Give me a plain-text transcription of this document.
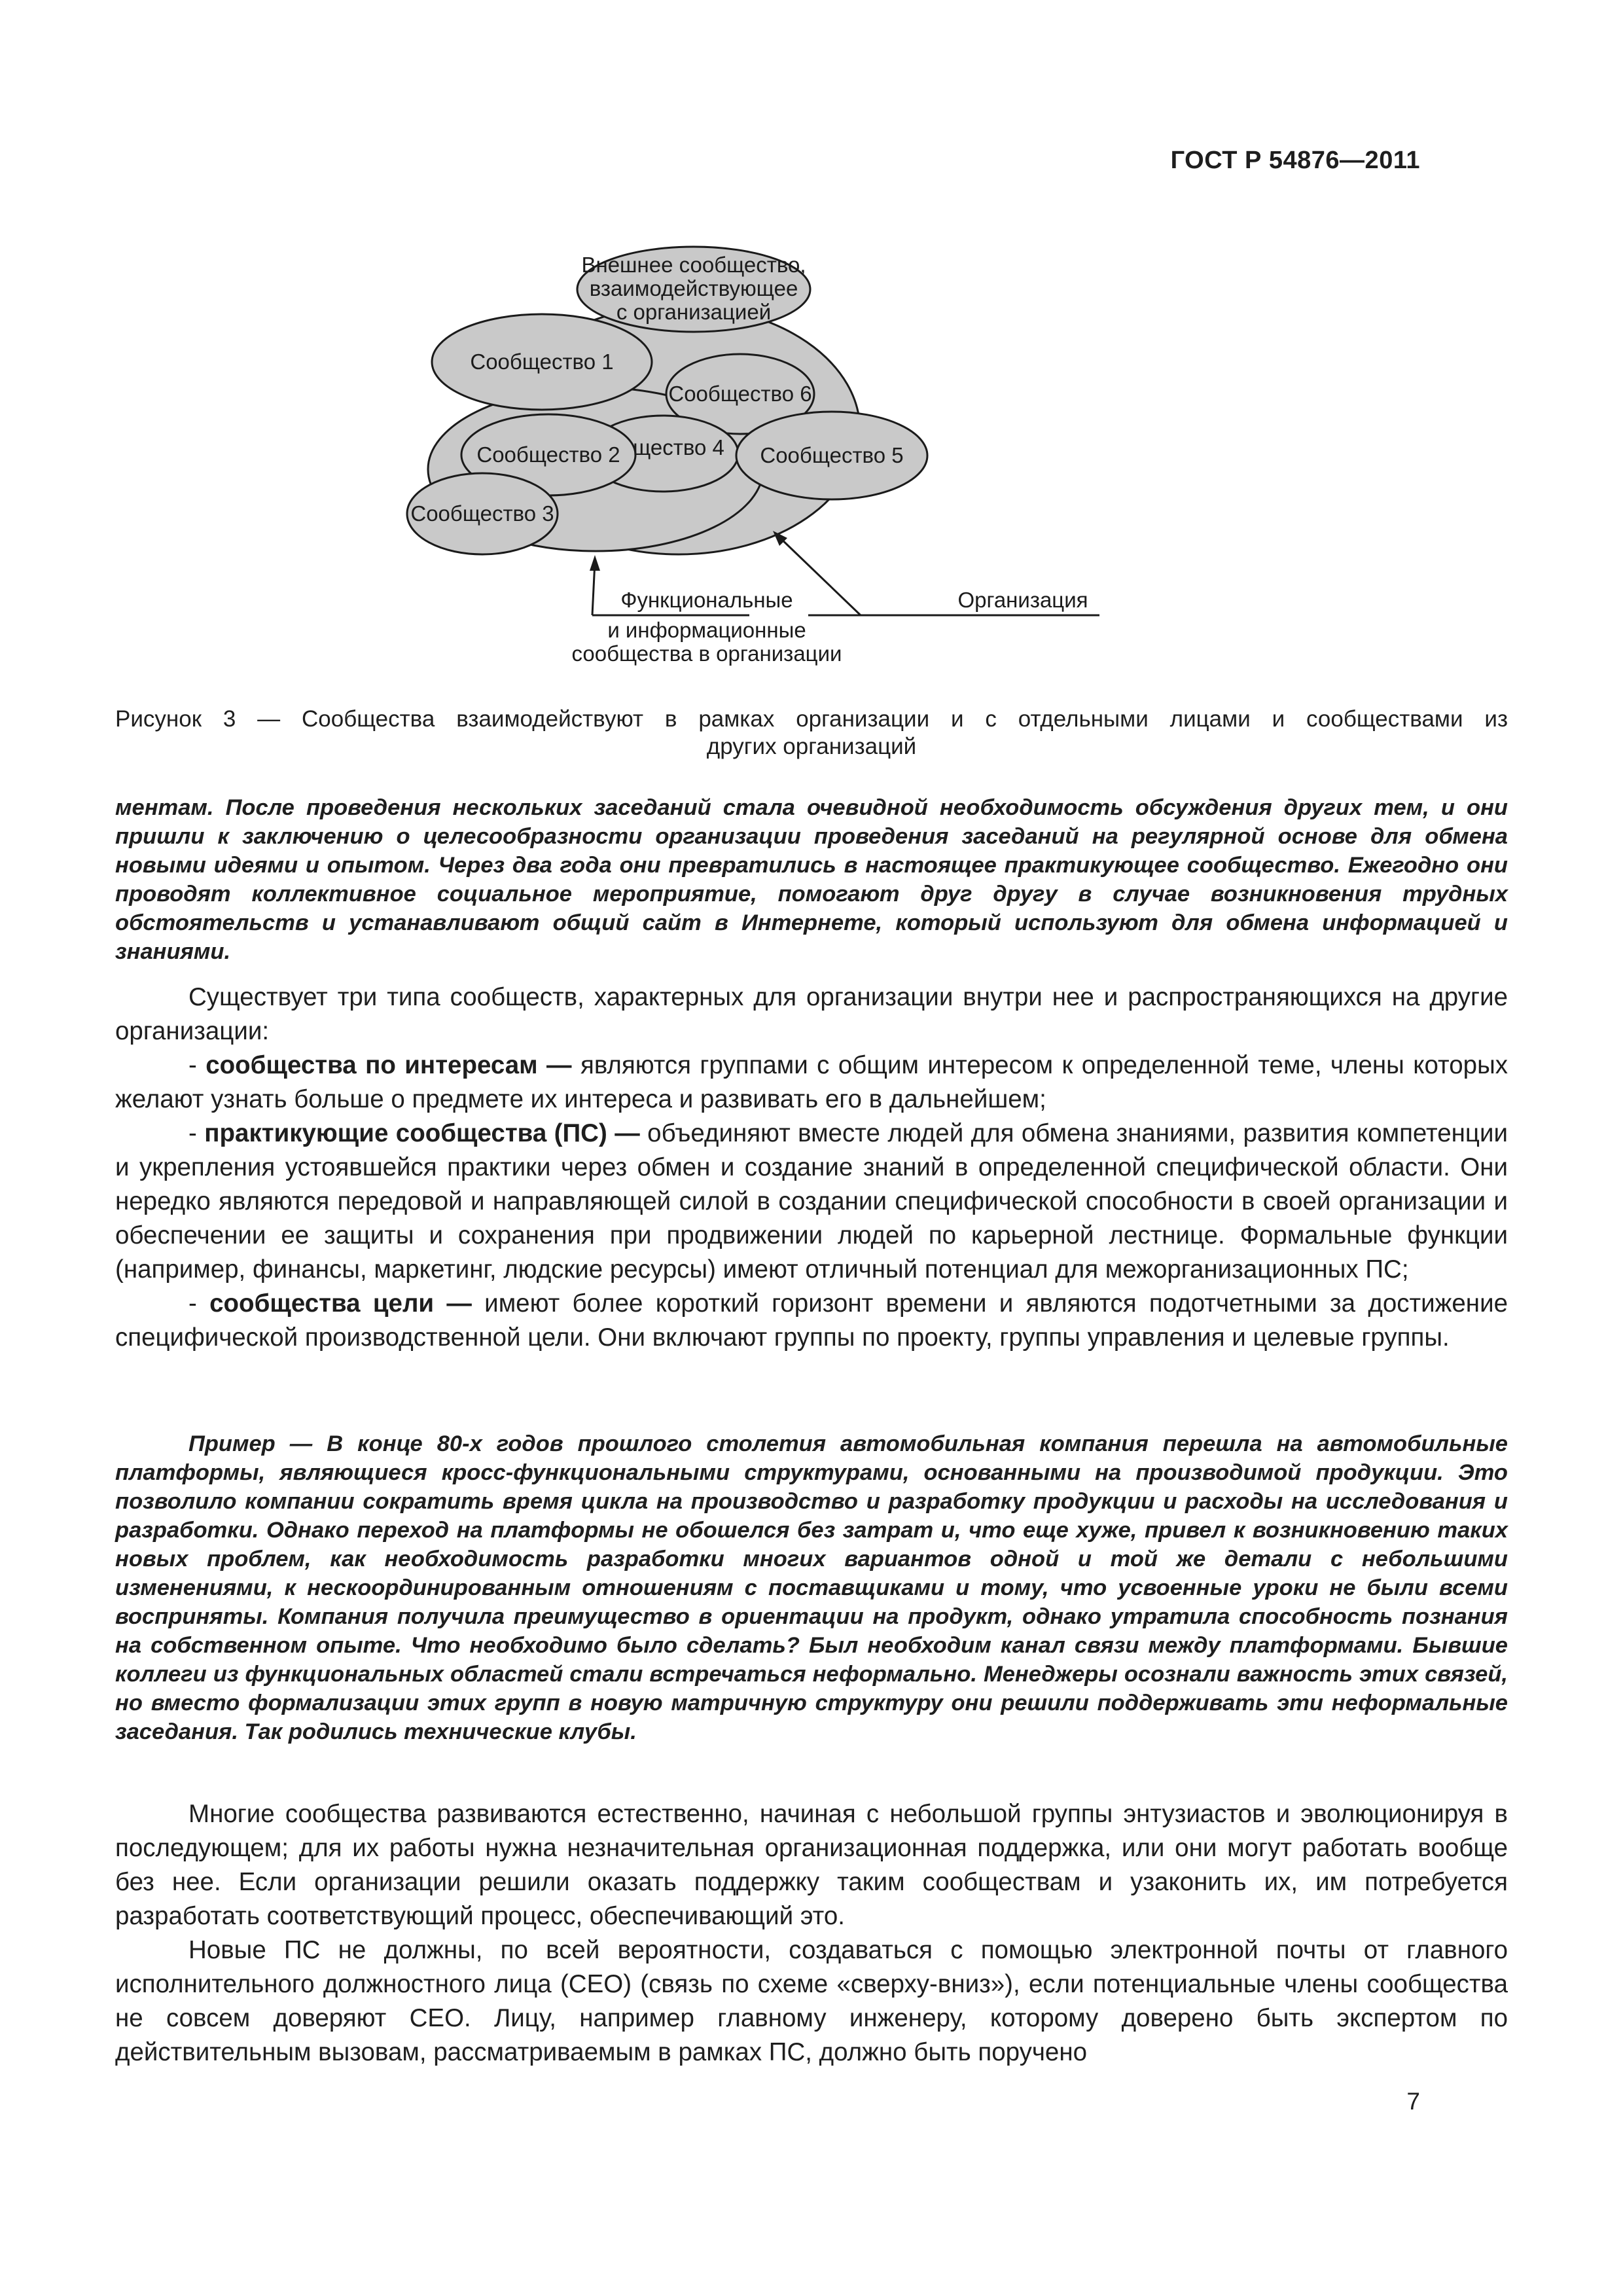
ГОСТ Р 54876—2011
Внешнее сообщество,
взаимодействующее
с организацией
Сообщество 1
Сообщество 6
щество 4
Сообщество 2	Сообщество 5
Сообщество 3
Функциональные
и информационные
сообщества в организации
Организация
Рисунок 3 — Сообщества взаимодействуют в рамках организации и с отдельными лицами и сообществами из
других организаций

ментам. После проведения нескольких заседаний стала очевидной необходимость обсуждения других тем, и они пришли к заключению о целесообразности организации проведения заседаний на регулярной основе для обмена новыми идеями и опытом. Через два года они превратились в настоящее практикующее сообщество. Ежегодно они проводят коллективное социальное мероприятие, помогают друг другу в случае возникновения трудных обстоятельств и устанавливают общий сайт в Интернете, который используют для обмена информацией и знаниями.

Существует три типа сообществ, характерных для организации внутри нее и распространяющихся на другие организации:

- сообщества по интересам — являются группами с общим интересом к определенной теме, члены которых желают узнать больше о предмете их интереса и развивать его в дальнейшем;

- практикующие сообщества (ПС) — объединяют вместе людей для обмена знаниями, развития компетенции и укрепления устоявшейся практики через обмен и создание знаний в определенной специфической области. Они нередко являются передовой и направляющей силой в создании специфической способности в своей организации и обеспечении ее защиты и сохранения при продвижении людей по карьерной лестнице. Формальные функции (например, финансы, маркетинг, людские ресурсы) имеют отличный потенциал для межорганизационных ПС;

- сообщества цели — имеют более короткий горизонт времени и являются подотчетными за достижение специфической производственной цели. Они включают группы по проекту, группы управления и целевые группы.

Пример — В конце 80-х годов прошлого столетия автомобильная компания перешла на автомобильные платформы, являющиеся кросс-функциональными структурами, основанными на производимой продукции. Это позволило компании сократить время цикла на производство и разработку продукции и расходы на исследования и разработки. Однако переход на платформы не обошелся без затрат и, что еще хуже, привел к возникновению таких новых проблем, как необходимость разработки многих вариантов одной и той же детали с небольшими изменениями, к нескоординированным отношениям с поставщиками и тому, что усвоенные уроки не были всеми восприняты. Компания получила преимущество в ориентации на продукт, однако утратила способность познания на собственном опыте. Что необходимо было сделать? Был необходим канал связи между платформами. Бывшие коллеги из функциональных областей стали встречаться неформально. Менеджеры осознали важность этих связей, но вместо формализации этих групп в новую матричную структуру они решили поддерживать эти неформальные заседания. Так родились технические клубы.

Многие сообщества развиваются естественно, начиная с небольшой группы энтузиастов и эволюционируя в последующем; для их работы нужна незначительная организационная поддержка, или они могут работать вообще без нее. Если организации решили оказать поддержку таким сообществам и узаконить их, им потребуется разработать соответствующий процесс, обеспечивающий это.

Новые ПС не должны, по всей вероятности, создаваться с помощью электронной почты от главного исполнительного должностного лица (CEO) (связь по схеме «сверху-вниз»), если потенциальные члены сообщества не совсем доверяют CEO. Лицу, например главному инженеру, которому доверено быть экспертом по действительным вызовам, рассматриваемым в рамках ПС, должно быть поручено

7
